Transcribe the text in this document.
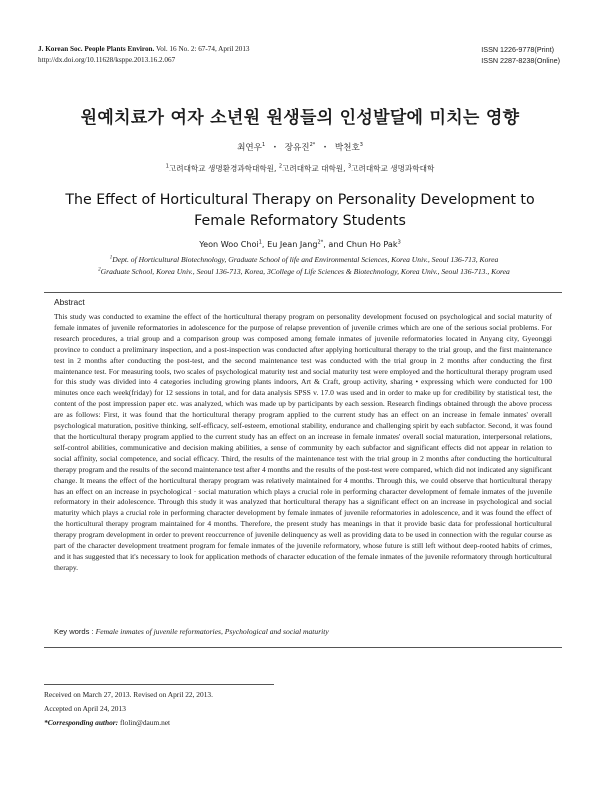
J. Korean Soc. People Plants Environ. Vol. 16 No. 2: 67-74, April 2013
http://dx.doi.org/10.11628/ksppe.2013.16.2.067
ISSN 1226-9778(Print)
ISSN 2287-8238(Online)
원예치료가 여자 소년원 원생들의 인성발달에 미치는 영향
최연우$^1$ ・ 장유진$^{2*}$ ・ 박천호$^3$
$^1$고려대학교 생명환경과학대학원, $^2$고려대학교 대학원, $^3$고려대학교 생명과학대학
The Effect of Horticultural Therapy on Personality Development to
Female Reformatory Students
Yeon Woo Choi$^1$, Eu Jean Jang$^{2*}$, and Chun Ho Pak$^3$
$^1$Dept. of Horticultural Biotechnology, Graduate School of life and Environmental Sciences, Korea Univ., Seoul 136-713, Korea
$^2$Graduate School, Korea Univ., Seoul 136-713, Korea, 3College of Life Sciences & Biotechnology, Korea Univ., Seoul 136-713., Korea
Abstract

This study was conducted to examine the effect of the horticultural therapy program on personality development focused on psychological and social maturity of female inmates of juvenile reformatories in adolescence for the purpose of relapse prevention of juvenile crimes which are one of the serious social problems. For research procedures, a trial group and a comparison group was composed among female inmates of juvenile reformatories located in Anyang city, Gyeonggi province to conduct a preliminary inspection, and a post-inspection was conducted after applying horticultural therapy to the trial group, and the first maintenance test in 2 months after conducting the post-test, and the second maintenance test was conducted with the trial group in 2 months after conducting the first maintenance test. For measuring tools, two scales of psychological maturity test and social maturity test were employed and the horticultural therapy program used for this study was divided into 4 categories including growing plants indoors, Art & Craft, group activity, sharing • expressing which were conducted for 100 minutes once each week(friday) for 12 sessions in total, and for data analysis SPSS v. 17.0 was used and in order to make up for credibility by statistical test, the content of the post impression paper etc. was analyzed, which was made up by participants by each session. Research findings obtained through the above process are as follows: First, it was found that the horticultural therapy program applied to the current study has an effect on an increase in female inmates' overall psychological maturation, positive thinking, self-efficacy, self-esteem, emotional stability, endurance and challenging spirit by each subfactor. Second, it was found that the horticultural therapy program applied to the current study has an effect on an increase in female inmates' overall social maturation, interpersonal relations, self-control abilities, communicative and decision making abilities, a sense of community by each subfactor and significant effects did not appear in relation to social affinity, social competence, and social efficacy. Third, the results of the maintenance test with the trial group in 2 months after conducting the horticultural therapy program and the results of the second maintenance test after 4 months and the results of the post-test were compared, which did not indicated any significant change. It means the effect of the horticultural therapy program was relatively maintained for 4 months. Through this, we could observe that horticultural therapy has an effect on an increase in psychological · social maturation which plays a crucial role in performing character development of female inmates of the juvenile reformatory in their adolescence. Through this study it was analyzed that horticultural therapy has a significant effect on an increase in psychological and social maturity which plays a crucial role in performing character development by female inmates of juvenile reformatories in adolescence, and it was found the effect of the horticultural therapy program maintained for 4 months. Therefore, the present study has meanings in that it provide basic data for professional horticultural therapy program development in order to prevent reoccurrence of juvenile delinquency as well as providing data to be used in connection with the regular course as part of the character development treatment program for female inmates of the juvenile reformatory, whose future is still left without deep-rooted habits of crimes, and it has suggested that it's necessary to look for application methods of character education of the female inmates of the juvenile reformatory through horticultural therapy.

Key words : Female inmates of juvenile reformatories, Psychological and social maturity
Received on March 27, 2013. Revised on April 22, 2013.
Accepted on April 24, 2013
*Corresponding author: flolin@daum.net
